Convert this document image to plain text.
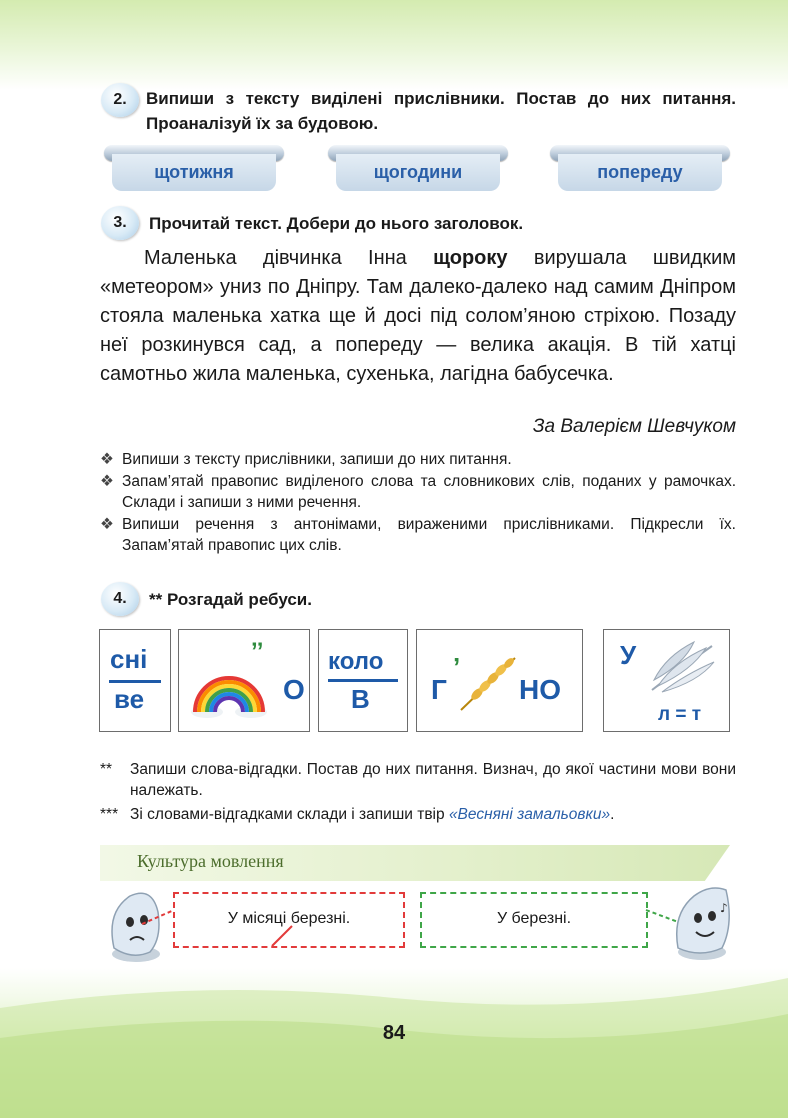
2.	Випиши з тексту виділені прислівники. Постав до них питання. Проаналізуй їх за будовою.
щотижня	щогодини	попереду
3.	Прочитай текст. Добери до нього заголовок.
Маленька дівчинка Інна щороку вирушала швидким «метеором» униз по Дніпру. Там далеко-далеко над самим Дніпром стояла маленька хатка ще й досі під солом’яною стріхою. Позаду неї розкинувся сад, а попереду — велика акація. В тій хатці самотньо жила маленька, сухенька, лагідна бабусечка.
За Валерієм Шевчуком
❖ Випиши з тексту прислівники, запиши до них питання.
❖ Запам’ятай правопис виділеного слова та словникових слів, поданих у рамочках. Склади і запиши з ними речення.
❖ Випиши речення з антонімами, вираженими прислівниками. Підкресли їх. Запам’ятай правопис цих слів.
4.	** Розгадай ребуси.
сні
ве
’’
О
коло
В Г
’
НО
У
л = т
** Запиши слова-відгадки. Постав до них питання. Визнач, до якої частини мови вони належать.
*** Зі словами-відгадками склади і запиши твір «Весняні замальовки».
Культура мовлення
У місяці
березні.	У березні.
♪
84
